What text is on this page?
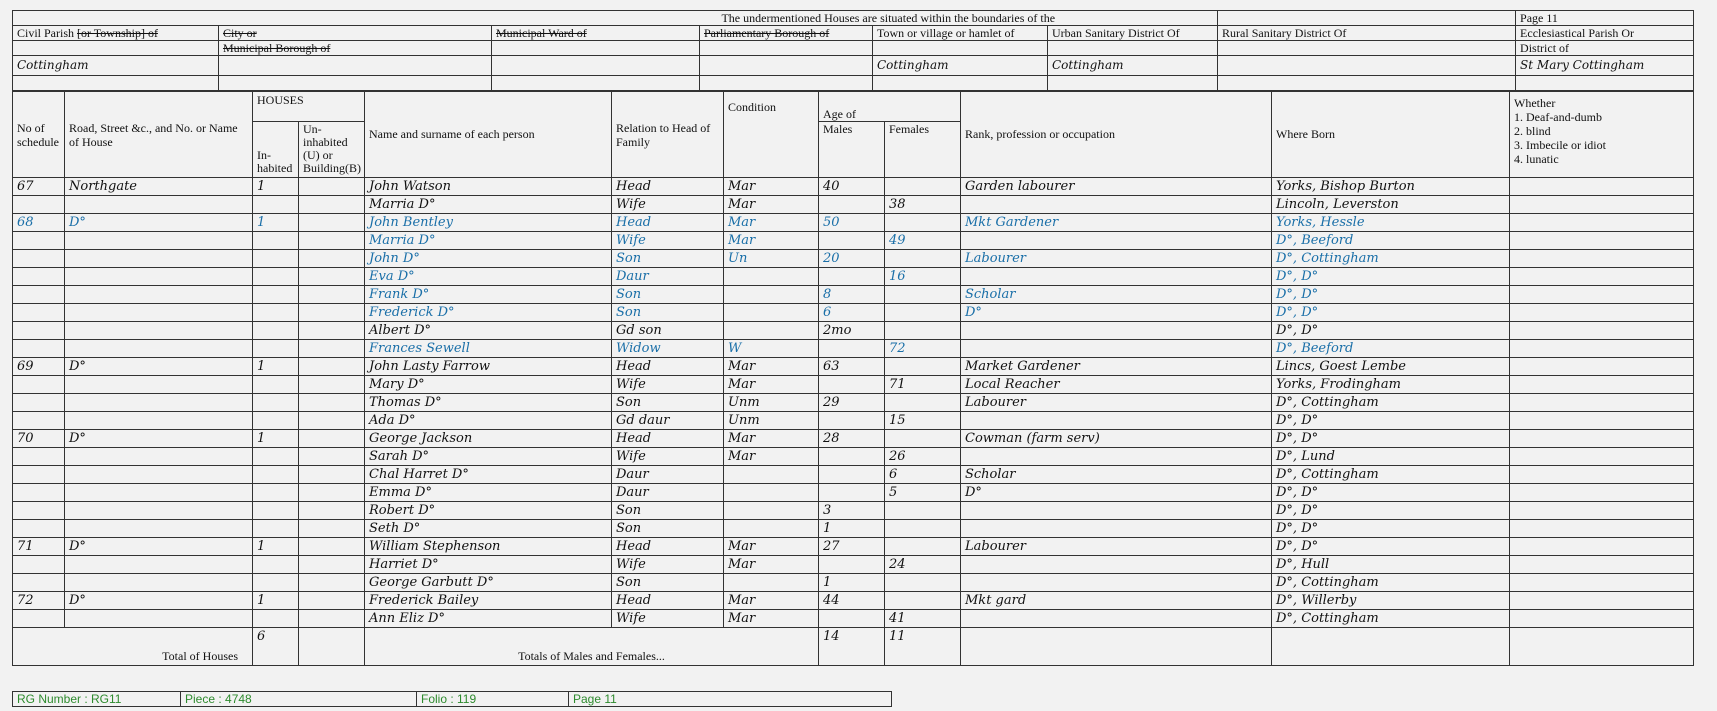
The undermentioned Houses are situated within the boundaries of the							Page 11
Civil Parish [or Township] of	City or	Municipal Ward of	Parliamentary Borough of	Town or village or hamlet of	Urban Sanitary District Of	Rural Sanitary District Of	Ecclesiastical Parish Or
	Municipal Borough of						District of
Cottingham				Cottingham	Cottingham		St Mary Cottingham

No of schedule	Road, Street &c., and No. or Name of House	HOUSES		Name and surname of each person	Relation to Head of Family	Condition	Age of		Rank, profession or occupation	Where Born	Whether
1. Deaf-and-dumb
2. blind
3. Imbecile or idiot
4. lunatic

		In-habited	Un-inhabited (U) or Building(B)				Males	Females			
67	Northgate	1		John Watson	Head	Mar	40		Garden labourer	Yorks, Bishop Burton	
				Marria D°	Wife	Mar		38		Lincoln, Leverston	
68	D°	1		John Bentley	Head	Mar	50		Mkt Gardener	Yorks, Hessle	
				Marria D°	Wife	Mar		49		D°, Beeford	
				John D°	Son	Un	20		Labourer	D°, Cottingham	
				Eva D°	Daur			16		D°, D°	
				Frank D°	Son		8		Scholar	D°, D°	
				Frederick D°	Son		6		D°	D°, D°	
				Albert D°	Gd son		2mo			D°, D°	
				Frances Sewell	Widow	W		72		D°, Beeford	
69	D°	1		John Lasty Farrow	Head	Mar	63		Market Gardener	Lincs, Goest Lembe	
				Mary D°	Wife	Mar		71	Local Reacher	Yorks, Frodingham	
				Thomas D°	Son	Unm	29		Labourer	D°, Cottingham	
				Ada D°	Gd daur	Unm		15		D°, D°	
70	D°	1		George Jackson	Head	Mar	28		Cowman (farm serv)	D°, D°	
				Sarah D°	Wife	Mar		26		D°, Lund	
				Chal Harret D°	Daur			6	Scholar	D°, Cottingham	
				Emma D°	Daur			5	D°	D°, D°	
				Robert D°	Son		3			D°, D°	
				Seth D°	Son		1			D°, D°	
71	D°	1		William Stephenson	Head	Mar	27		Labourer	D°, D°	
				Harriet D°	Wife	Mar		24		D°, Hull	
				George Garbutt D°	Son		1			D°, Cottingham	
72	D°	1		Frederick Bailey	Head	Mar	44		Mkt gard	D°, Willerby	
				Ann Eliz D°	Wife	Mar		41		D°, Cottingham	
Total of Houses		6		Totals of Males and Females...			14	11			
RG Number : RG11	Piece : 4748	Folio : 119	Page 11
